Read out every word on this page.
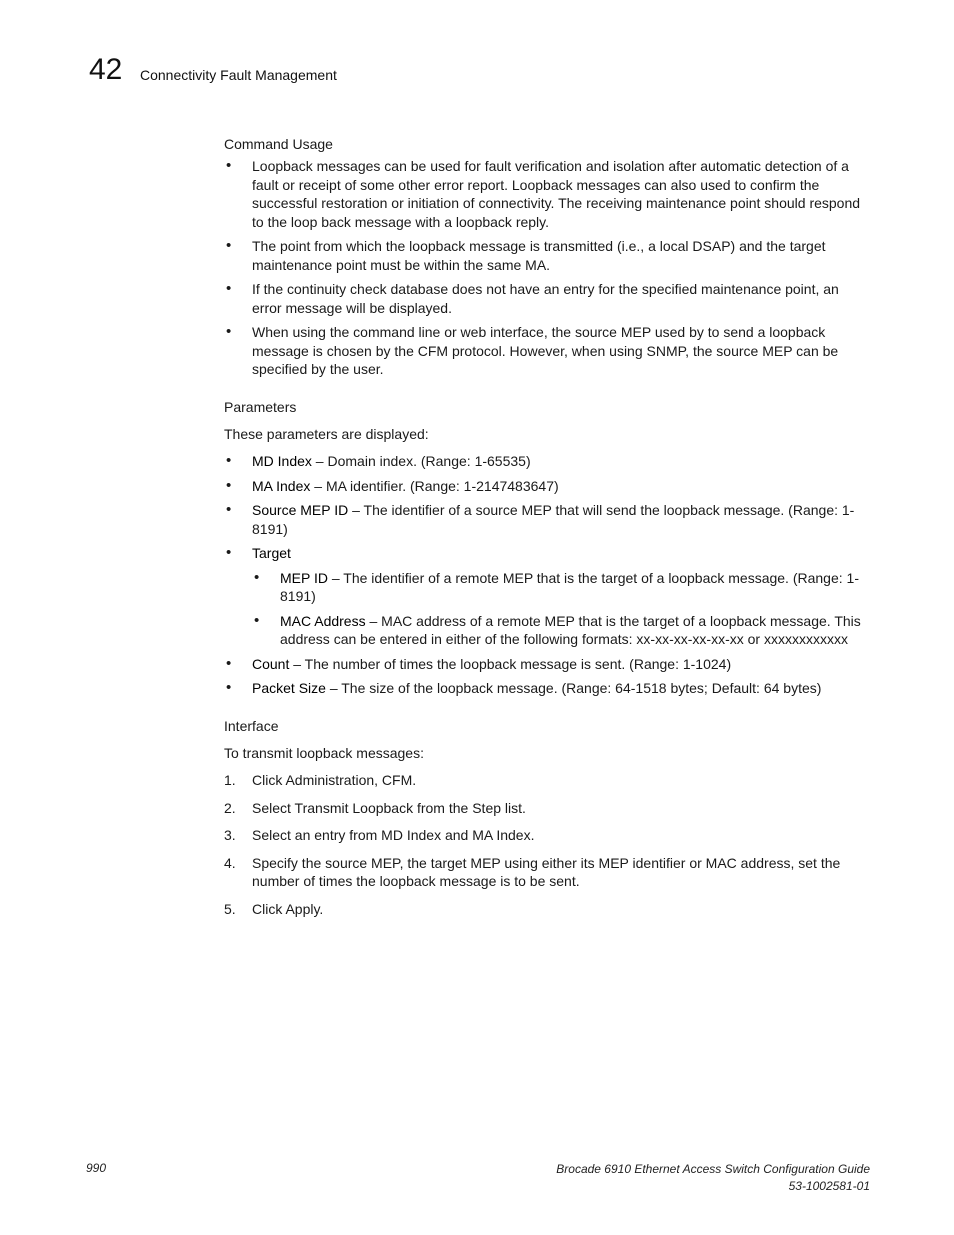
42 Connectivity Fault Management

Command Usage

• Loopback messages can be used for fault verification and isolation after automatic detection of a fault or receipt of some other error report. Loopback messages can also used to confirm the successful restoration or initiation of connectivity. The receiving maintenance point should respond to the loop back message with a loopback reply.
• The point from which the loopback message is transmitted (i.e., a local DSAP) and the target maintenance point must be within the same MA.
• If the continuity check database does not have an entry for the specified maintenance point, an error message will be displayed.
• When using the command line or web interface, the source MEP used by to send a loopback message is chosen by the CFM protocol. However, when using SNMP, the source MEP can be specified by the user.

Parameters

These parameters are displayed:

• MD Index – Domain index. (Range: 1-65535)
• MA Index – MA identifier. (Range: 1-2147483647)
• Source MEP ID – The identifier of a source MEP that will send the loopback message. (Range: 1-8191)
• Target
• MEP ID – The identifier of a remote MEP that is the target of a loopback message. (Range: 1-8191)
• MAC Address – MAC address of a remote MEP that is the target of a loopback message. This address can be entered in either of the following formats: xx-xx-xx-xx-xx-xx or xxxxxxxxxxxx
• Count – The number of times the loopback message is sent. (Range: 1-1024)
• Packet Size – The size of the loopback message. (Range: 64-1518 bytes; Default: 64 bytes)

Interface

To transmit loopback messages:

1. Click Administration, CFM.
2. Select Transmit Loopback from the Step list.
3. Select an entry from MD Index and MA Index.
4. Specify the source MEP, the target MEP using either its MEP identifier or MAC address, set the number of times the loopback message is to be sent.
5. Click Apply.
990	Brocade 6910 Ethernet Access Switch Configuration Guide
53-1002581-01
